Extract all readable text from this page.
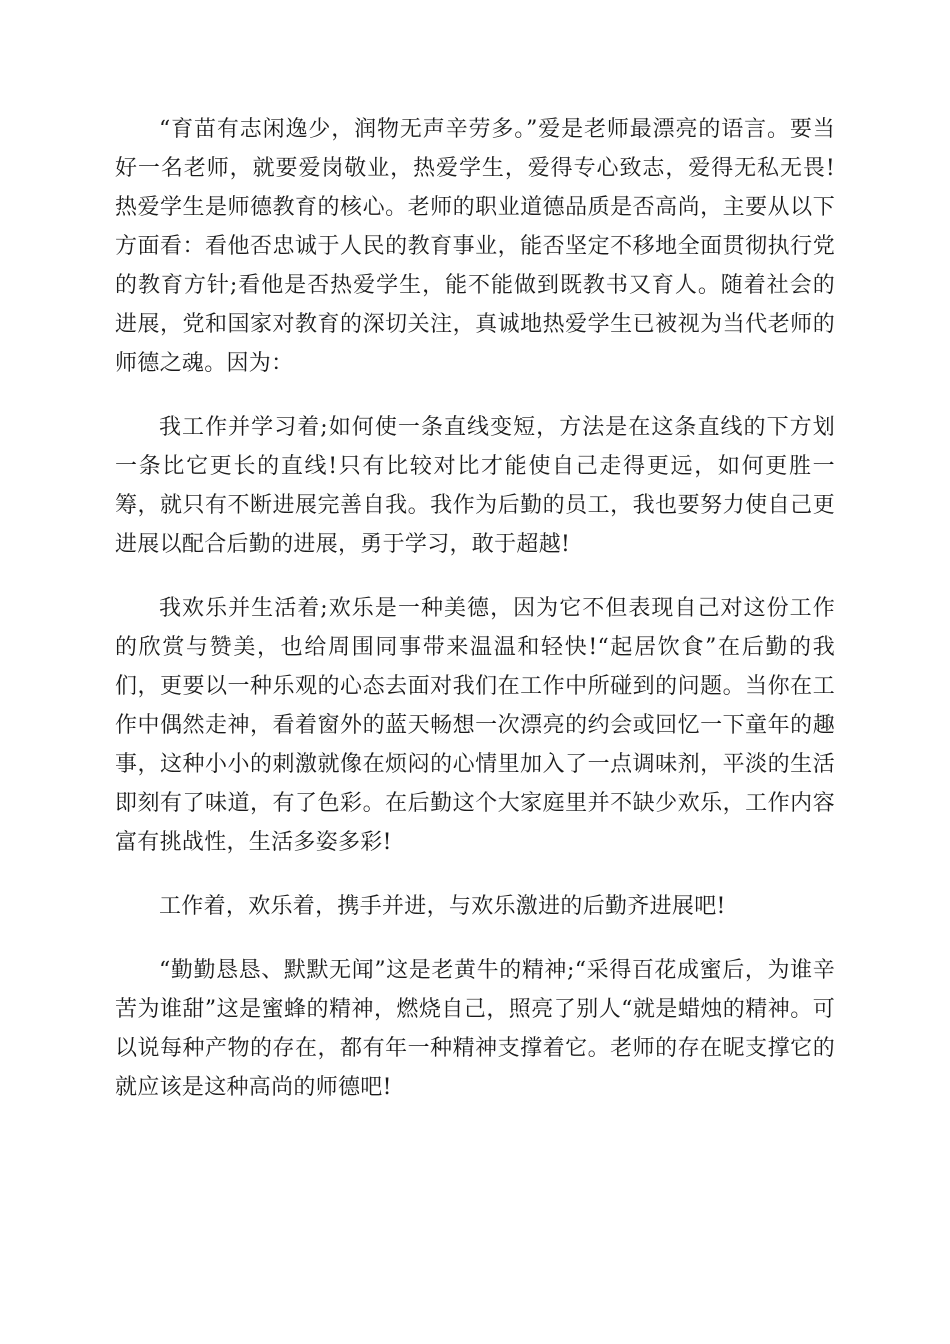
“育苗有志闲逸少，润物无声辛劳多。”爱是老师最漂亮的语言。要当好一名老师，就要爱岗敬业，热爱学生，爱得专心致志，爱得无私无畏!热爱学生是师德教育的核心。老师的职业道德品质是否高尚，主要从以下方面看：看他否忠诚于人民的教育事业，能否坚定不移地全面贯彻执行党的教育方针;看他是否热爱学生，能不能做到既教书又育人。随着社会的进展，党和国家对教育的深切关注，真诚地热爱学生已被视为当代老师的师德之魂。因为：

我工作并学习着;如何使一条直线变短，方法是在这条直线的下方划一条比它更长的直线!只有比较对比才能使自己走得更远，如何更胜一筹，就只有不断进展完善自我。我作为后勤的员工，我也要努力使自己更进展以配合后勤的进展，勇于学习，敢于超越!

我欢乐并生活着;欢乐是一种美德，因为它不但表现自己对这份工作的欣赏与赞美，也给周围同事带来温温和轻快!“起居饮食”在后勤的我们，更要以一种乐观的心态去面对我们在工作中所碰到的问题。当你在工作中偶然走神，看着窗外的蓝天畅想一次漂亮的约会或回忆一下童年的趣事，这种小小的刺激就像在烦闷的心情里加入了一点调味剂，平淡的生活即刻有了味道，有了色彩。在后勤这个大家庭里并不缺少欢乐，工作内容富有挑战性，生活多姿多彩!

工作着，欢乐着，携手并进，与欢乐激进的后勤齐进展吧!

“勤勤恳恳、默默无闻”这是老黄牛的精神;“采得百花成蜜后，为谁辛苦为谁甜”这是蜜蜂的精神，燃烧自己，照亮了别人“就是蜡烛的精神。可以说每种产物的存在，都有年一种精神支撑着它。老师的存在昵支撑它的就应该是这种高尚的师德吧!
